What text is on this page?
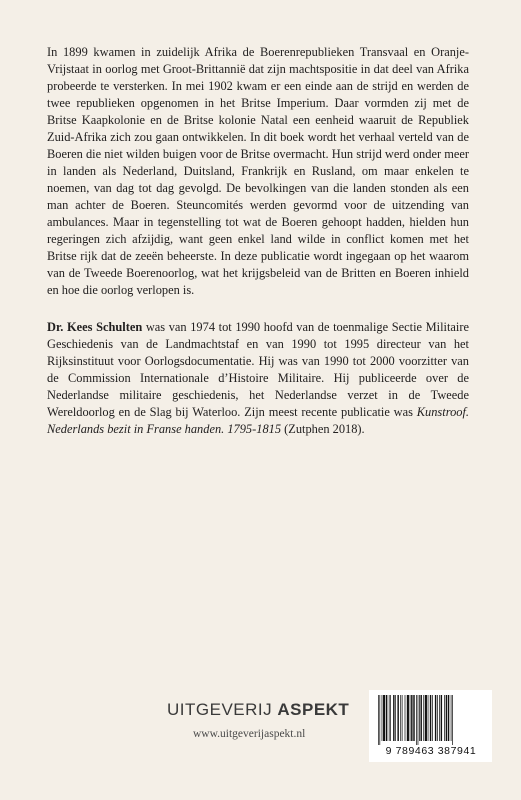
In 1899 kwamen in zuidelijk Afrika de Boerenrepublieken Transvaal en Oranje-Vrijstaat in oorlog met Groot-Brittannië dat zijn machtspositie in dat deel van Afrika probeerde te versterken. In mei 1902 kwam er een einde aan de strijd en werden de twee republieken opgenomen in het Britse Imperium. Daar vormden zij met de Britse Kaapkolonie en de Britse kolonie Natal een eenheid waaruit de Republiek Zuid-Afrika zich zou gaan ontwikkelen. In dit boek wordt het verhaal verteld van de Boeren die niet wilden buigen voor de Britse overmacht. Hun strijd werd onder meer in landen als Nederland, Duitsland, Frankrijk en Rusland, om maar enkelen te noemen, van dag tot dag gevolgd. De bevolkingen van die landen stonden als een man achter de Boeren. Steuncomités werden gevormd voor de uitzending van ambulances. Maar in tegenstelling tot wat de Boeren gehoopt hadden, hielden hun regeringen zich afzijdig, want geen enkel land wilde in conflict komen met het Britse rijk dat de zeeën beheerste. In deze publicatie wordt ingegaan op het waarom van de Tweede Boerenoorlog, wat het krijgsbeleid van de Britten en Boeren inhield en hoe die oorlog verlopen is.

Dr. Kees Schulten was van 1974 tot 1990 hoofd van de toenmalige Sectie Militaire Geschiedenis van de Landmachtstaf en van 1990 tot 1995 directeur van het Rijksinstituut voor Oorlogsdocumentatie. Hij was van 1990 tot 2000 voorzitter van de Commission Internationale d’Histoire Militaire. Hij publiceerde over de Nederlandse militaire geschiedenis, het Nederlandse verzet in de Tweede Wereldoorlog en de Slag bij Waterloo. Zijn meest recente publicatie was Kunstroof. Nederlands bezit in Franse handen. 1795-1815 (Zutphen 2018).

UITGEVERIJ ASPEKT
www.uitgeverijaspekt.nl
9 789463 387941
